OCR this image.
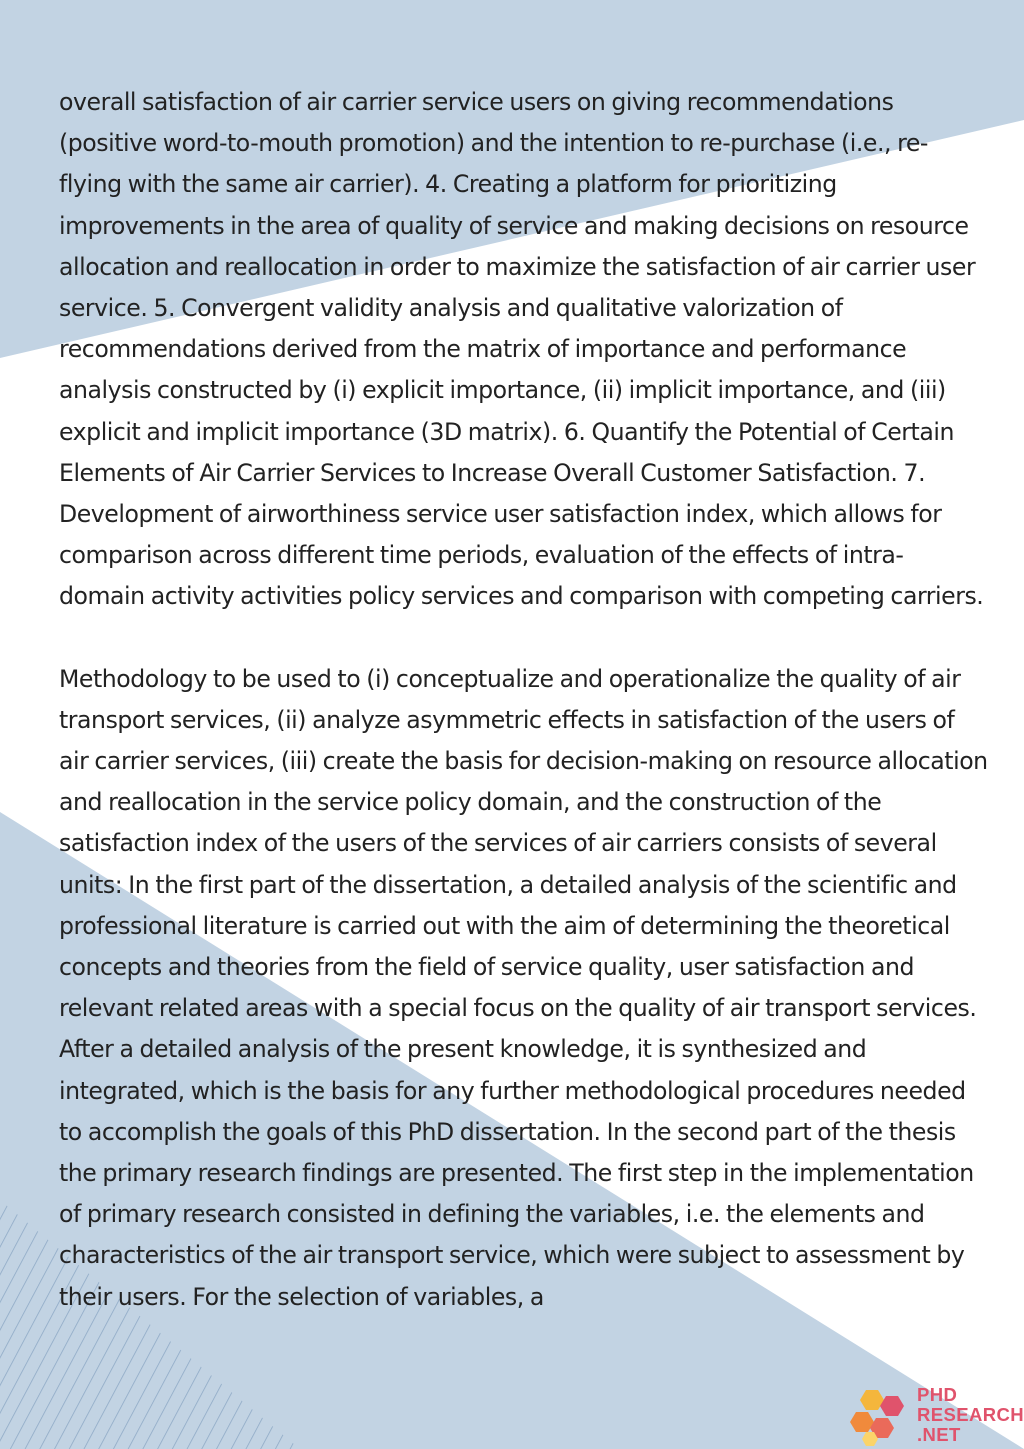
overall satisfaction of air carrier service users on giving recommendations (positive word-to-mouth promotion) and the intention to re-purchase (i.e., re-flying with the same air carrier). 4. Creating a platform for prioritizing improvements in the area of quality of service and making decisions on resource allocation and reallocation in order to maximize the satisfaction of air carrier user service. 5. Convergent validity analysis and qualitative valorization of recommendations derived from the matrix of importance and performance analysis constructed by (i) explicit importance, (ii) implicit importance, and (iii) explicit and implicit importance (3D matrix). 6. Quantify the Potential of Certain Elements of Air Carrier Services to Increase Overall Customer Satisfaction. 7. Development of airworthiness service user satisfaction index, which allows for comparison across different time periods, evaluation of the effects of intra-domain activity activities policy services and comparison with competing carriers.

Methodology to be used to (i) conceptualize and operationalize the quality of air transport services, (ii) analyze asymmetric effects in satisfaction of the users of air carrier services, (iii) create the basis for decision-making on resource allocation and reallocation in the service policy domain, and the construction of the satisfaction index of the users of the services of air carriers consists of several units: In the first part of the dissertation, a detailed analysis of the scientific and professional literature is carried out with the aim of determining the theoretical concepts and theories from the field of service quality, user satisfaction and relevant related areas with a special focus on the quality of air transport services. After a detailed analysis of the present knowledge, it is synthesized and integrated, which is the basis for any further methodological procedures needed to accomplish the goals of this PhD dissertation. In the second part of the thesis the primary research findings are presented. The first step in the implementation of primary research consisted in defining the variables, i.e. the elements and characteristics of the air transport service, which were subject to assessment by their users. For the selection of variables, a

PHD
RESEARCH
.NET
